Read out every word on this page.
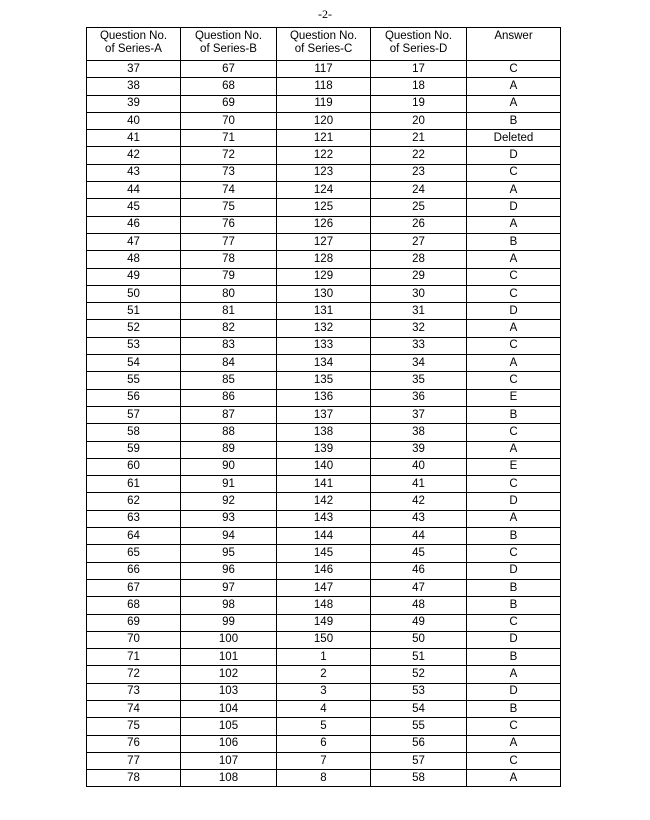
-2-
Question No.
of Series-A	Question No.
of Series-B	Question No.
of Series-C	Question No.
of Series-D	Answer

37	67	117	17	C
38	68	118	18	A
39	69	119	19	A
40	70	120	20	B
41	71	121	21	Deleted
42	72	122	22	D
43	73	123	23	C
44	74	124	24	A
45	75	125	25	D
46	76	126	26	A
47	77	127	27	B
48	78	128	28	A
49	79	129	29	C
50	80	130	30	C
51	81	131	31	D
52	82	132	32	A
53	83	133	33	C
54	84	134	34	A
55	85	135	35	C
56	86	136	36	E
57	87	137	37	B
58	88	138	38	C
59	89	139	39	A
60	90	140	40	E
61	91	141	41	C
62	92	142	42	D
63	93	143	43	A
64	94	144	44	B
65	95	145	45	C
66	96	146	46	D
67	97	147	47	B
68	98	148	48	B
69	99	149	49	C
70	100	150	50	D
71	101	1	51	B
72	102	2	52	A
73	103	3	53	D
74	104	4	54	B
75	105	5	55	C
76	106	6	56	A
77	107	7	57	C
78	108	8	58	A
